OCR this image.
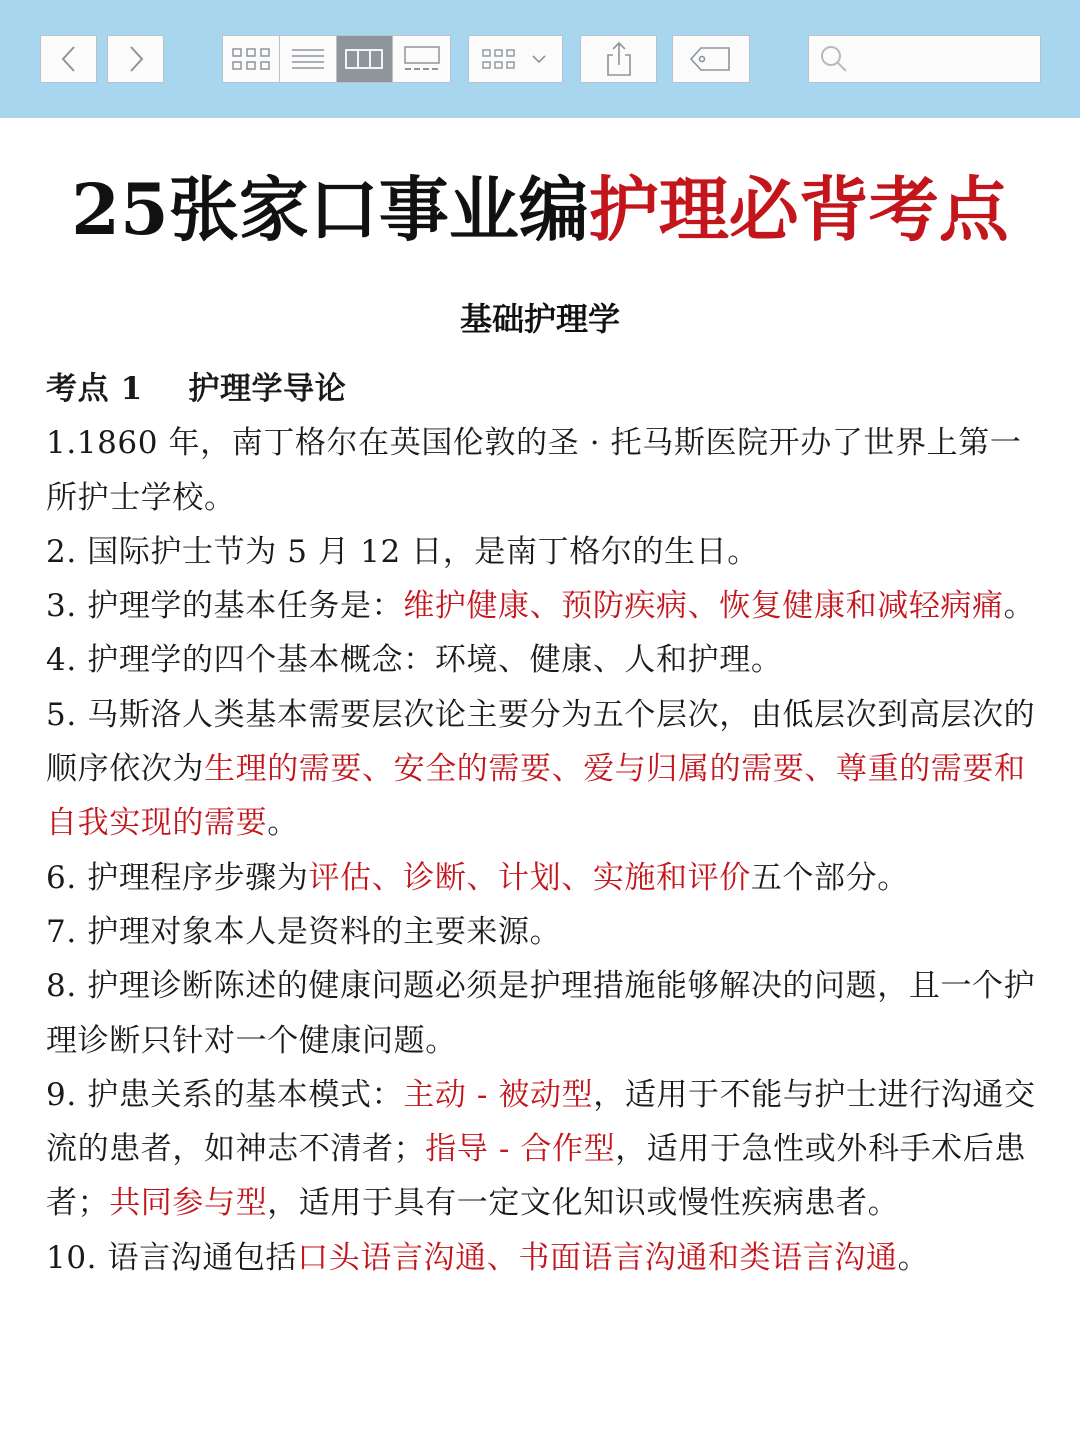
25张家口事业编护理必背考点
基础护理学

考点 1 护理学导论

1.1860 年，南丁格尔在英国伦敦的圣 · 托马斯医院开办了世界上第一所护士学校。

2. 国际护士节为 5 月 12 日，是南丁格尔的生日。

3. 护理学的基本任务是：维护健康、预防疾病、恢复健康和减轻病痛。

4. 护理学的四个基本概念：环境、健康、人和护理。

5. 马斯洛人类基本需要层次论主要分为五个层次，由低层次到高层次的顺序依次为生理的需要、安全的需要、爱与归属的需要、尊重的需要和自我实现的需要。

6. 护理程序步骤为评估、诊断、计划、实施和评价五个部分。

7. 护理对象本人是资料的主要来源。

8. 护理诊断陈述的健康问题必须是护理措施能够解决的问题，且一个护理诊断只针对一个健康问题。

9. 护患关系的基本模式：主动 - 被动型，适用于不能与护士进行沟通交流的患者，如神志不清者；指导 - 合作型，适用于急性或外科手术后患者；共同参与型，适用于具有一定文化知识或慢性疾病患者。

10. 语言沟通包括口头语言沟通、书面语言沟通和类语言沟通。
